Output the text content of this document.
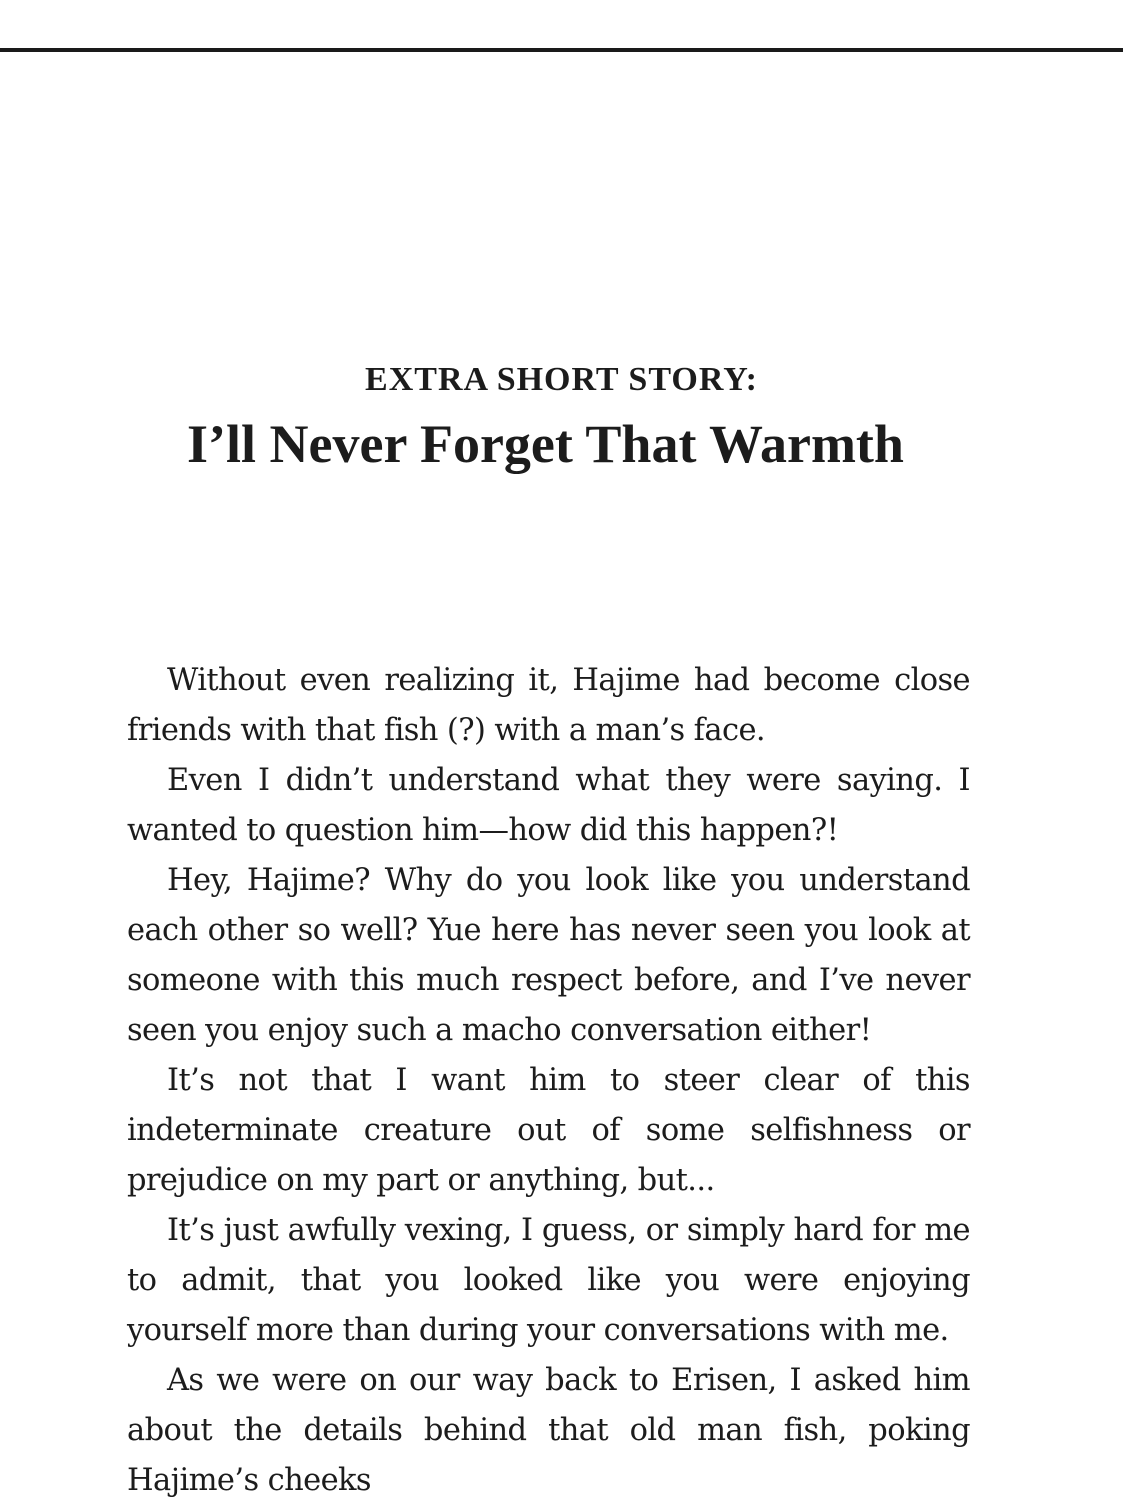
EXTRA SHORT STORY:
I’ll Never Forget That Warmth

Without even realizing it, Hajime had become close friends with that fish (?) with a man’s face.

Even I didn’t understand what they were saying. I wanted to question him—how did this happen?!

Hey, Hajime? Why do you look like you understand each other so well? Yue here has never seen you look at someone with this much respect before, and I’ve never seen you enjoy such a macho conversation either!

It’s not that I want him to steer clear of this indeterminate creature out of some selfishness or prejudice on my part or anything, but...

It’s just awfully vexing, I guess, or simply hard for me to admit, that you looked like you were enjoying yourself more than during your conversations with me.

As we were on our way back to Erisen, I asked him about the details behind that old man fish, poking Hajime’s cheeks
